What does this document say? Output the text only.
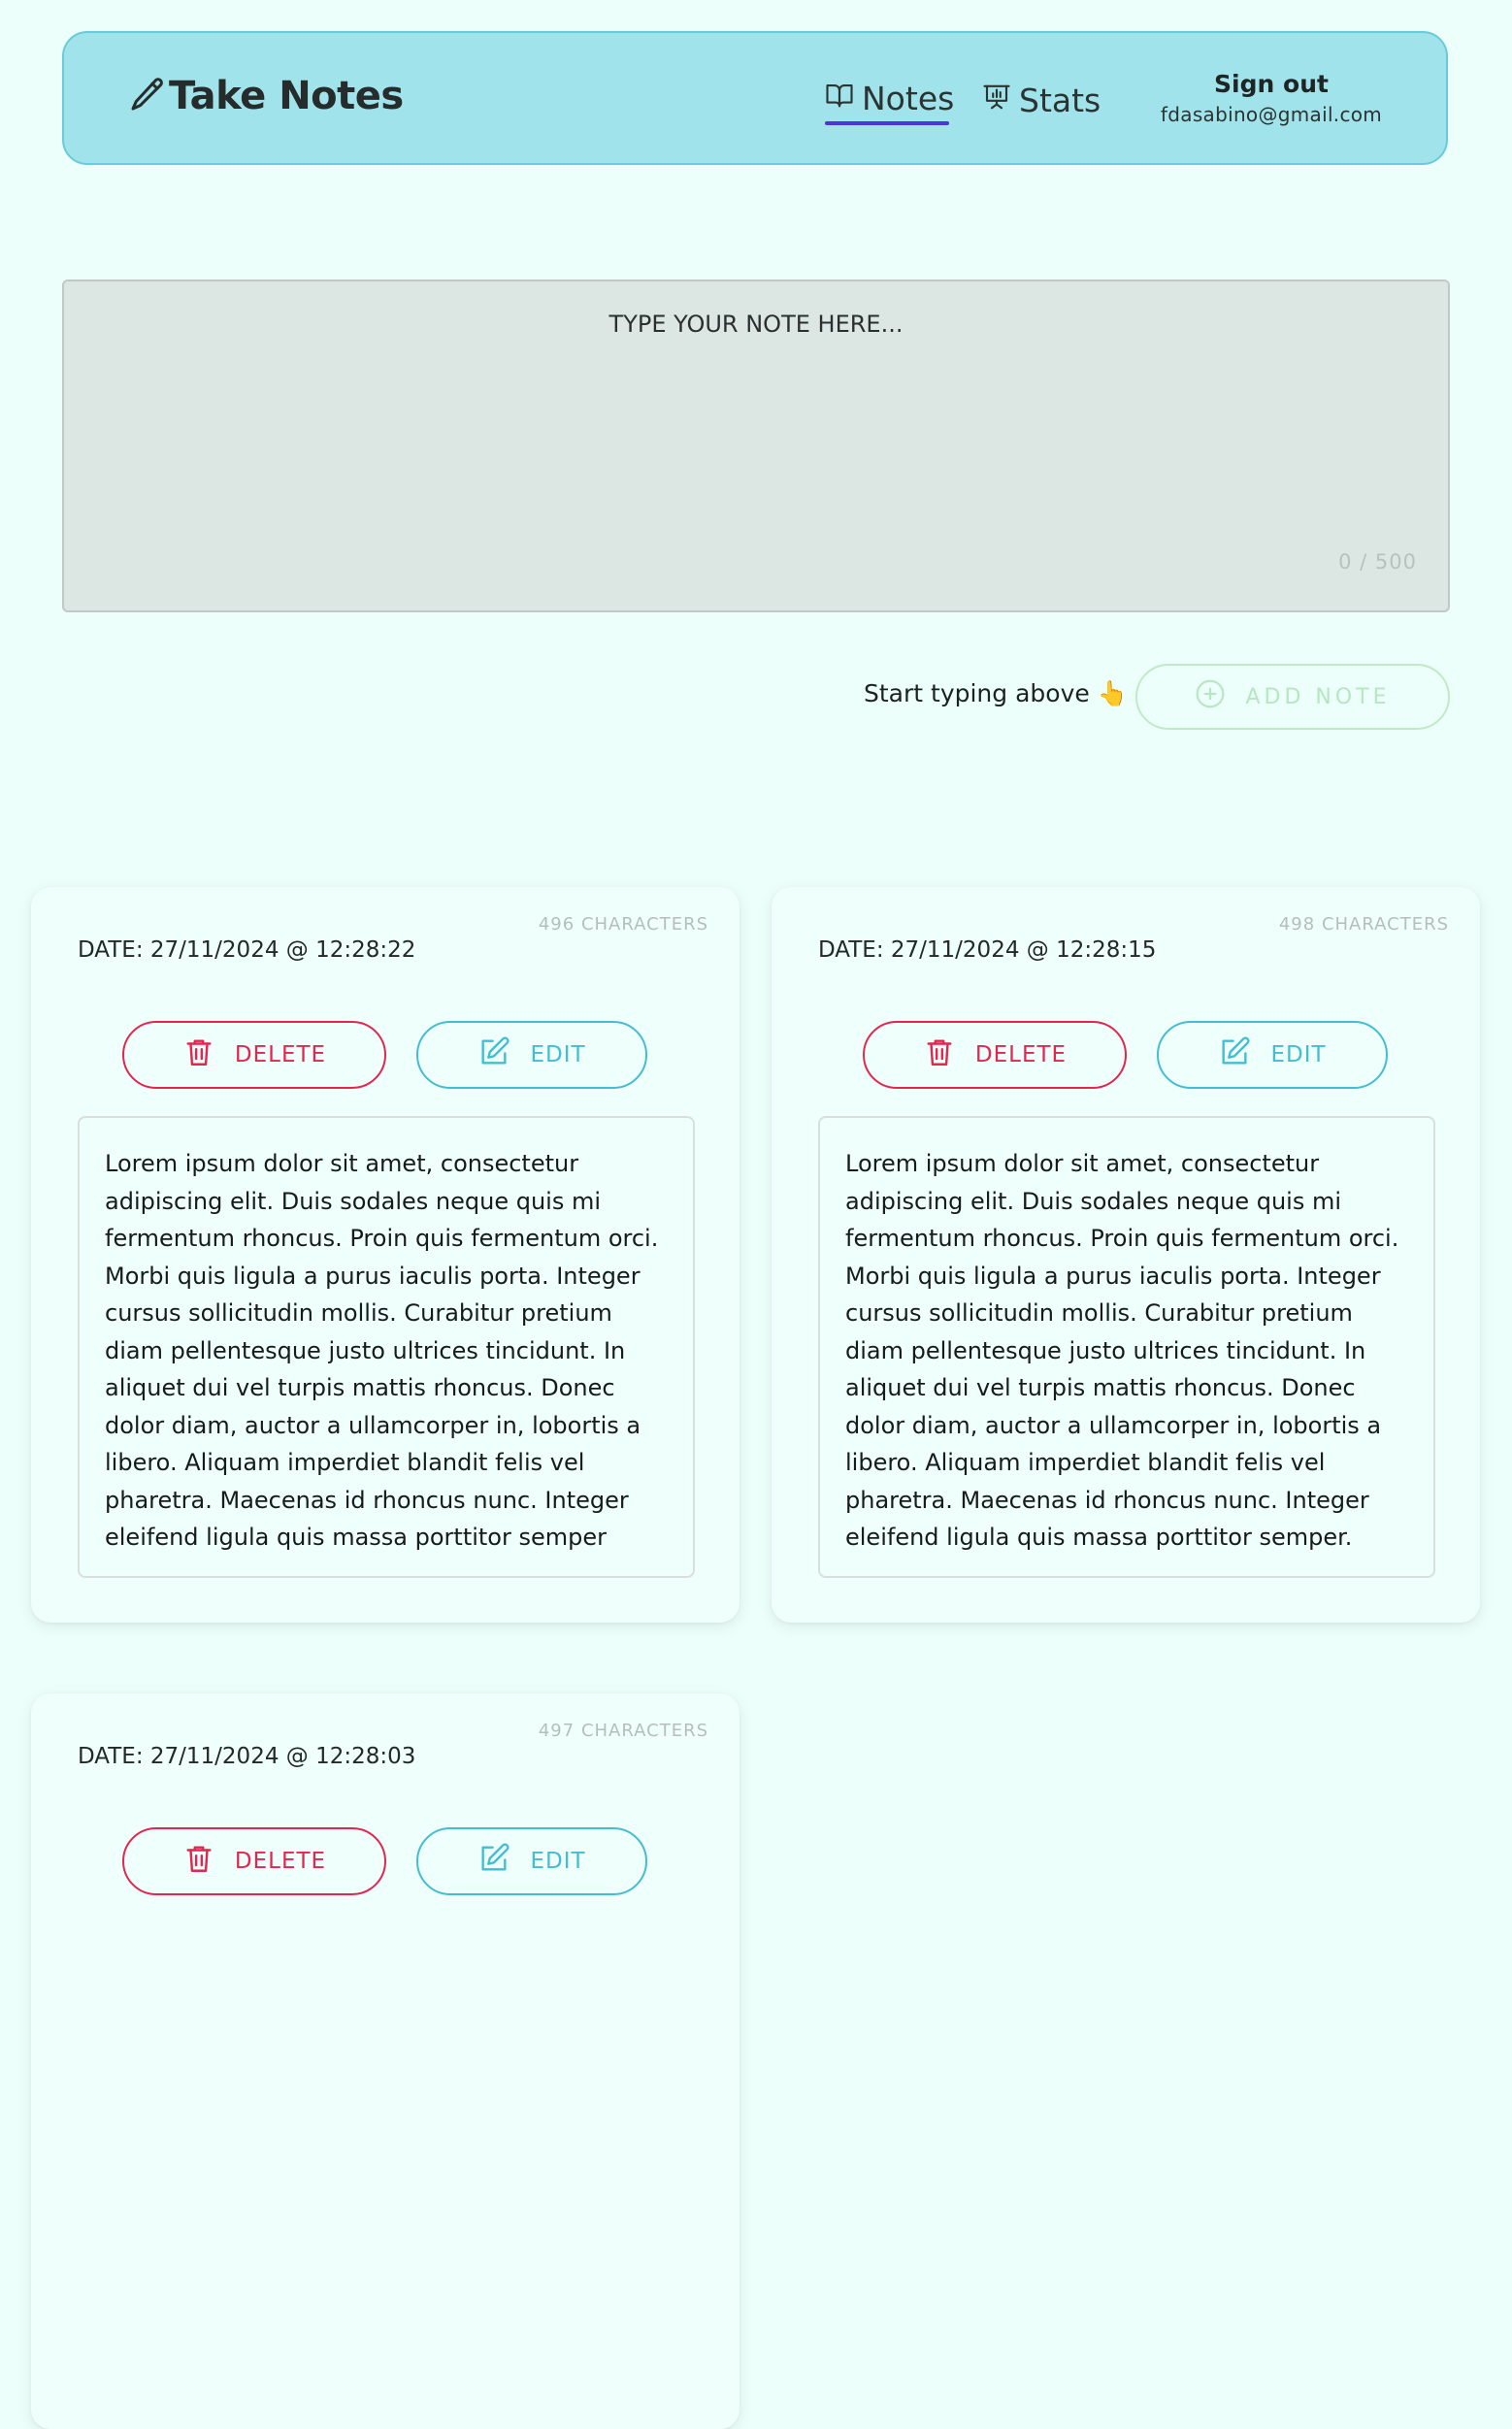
Take Notes	Notes Stats	Sign out
fdasabino@gmail.com
TYPE YOUR NOTE HERE...
0 / 500
Start typing above 👆	ADD NOTE
496 CHARACTERS
DATE: 27/11/2024 @ 12:28:22
DELETE	EDIT
Lorem ipsum dolor sit amet, consectetur adipiscing elit. Duis sodales neque quis mi fermentum rhoncus. Proin quis fermentum orci. Morbi quis ligula a purus iaculis porta. Integer cursus sollicitudin mollis. Curabitur pretium diam pellentesque justo ultrices tincidunt. In aliquet dui vel turpis mattis rhoncus. Donec dolor diam, auctor a ullamcorper in, lobortis a libero. Aliquam imperdiet blandit felis vel pharetra. Maecenas id rhoncus nunc. Integer eleifend ligula quis massa porttitor semper
498 CHARACTERS
DATE: 27/11/2024 @ 12:28:15
DELETE	EDIT
Lorem ipsum dolor sit amet, consectetur adipiscing elit. Duis sodales neque quis mi fermentum rhoncus. Proin quis fermentum orci. Morbi quis ligula a purus iaculis porta. Integer cursus sollicitudin mollis. Curabitur pretium diam pellentesque justo ultrices tincidunt. In aliquet dui vel turpis mattis rhoncus. Donec dolor diam, auctor a ullamcorper in, lobortis a libero. Aliquam imperdiet blandit felis vel pharetra. Maecenas id rhoncus nunc. Integer eleifend ligula quis massa porttitor semper.
497 CHARACTERS
DATE: 27/11/2024 @ 12:28:03
DELETE	EDIT
